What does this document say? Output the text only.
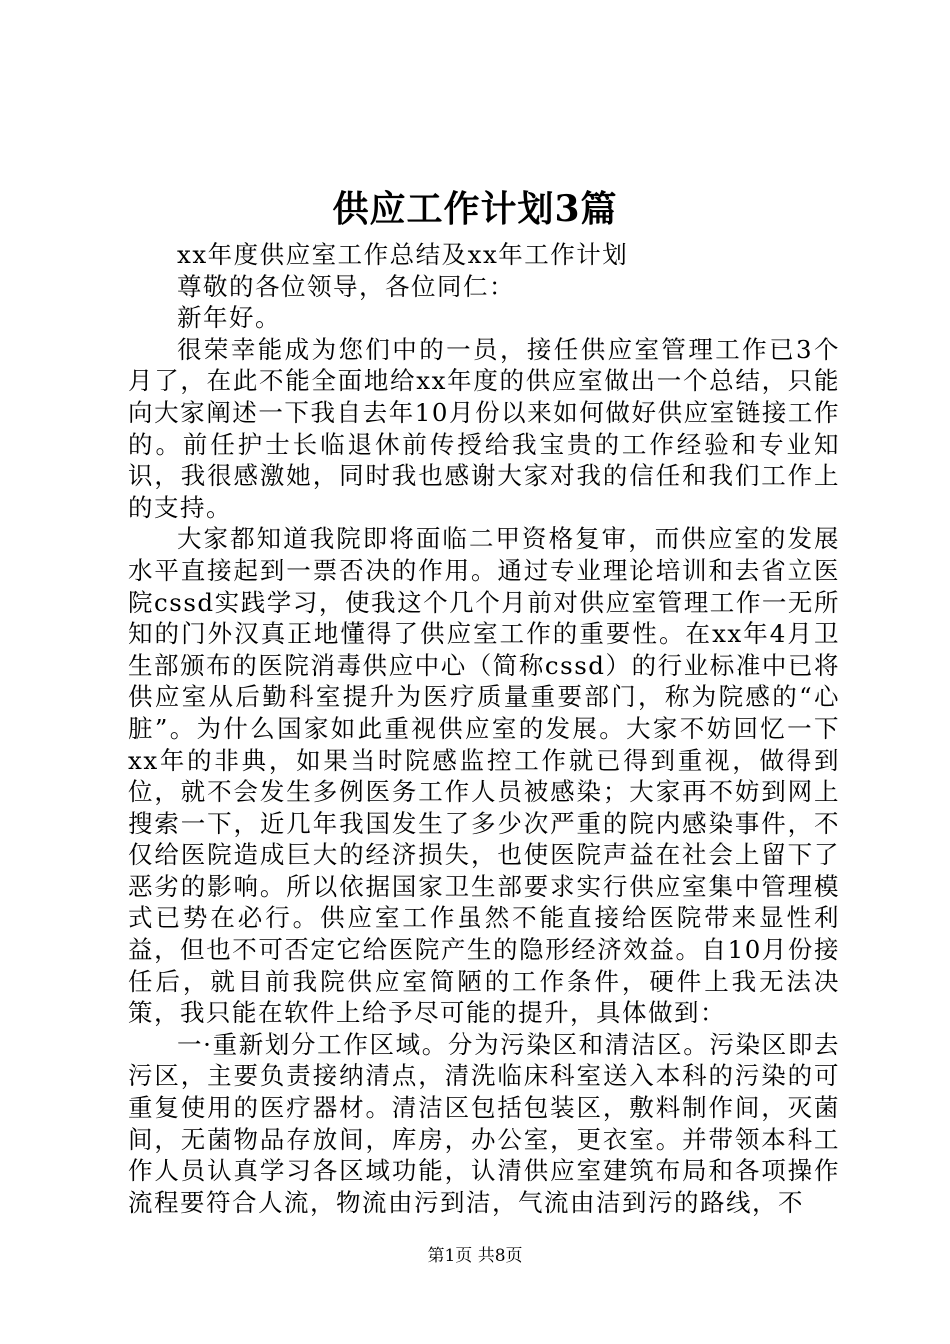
供应工作计划3篇

xx年度供应室工作总结及xx年工作计划

尊敬的各位领导，各位同仁：

新年好。

很荣幸能成为您们中的一员，接任供应室管理工作已3个月了，在此不能全面地给xx年度的供应室做出一个总结，只能向大家阐述一下我自去年10月份以来如何做好供应室链接工作的。前任护士长临退休前传授给我宝贵的工作经验和专业知识，我很感激她，同时我也感谢大家对我的信任和我们工作上的支持。

大家都知道我院即将面临二甲资格复审，而供应室的发展水平直接起到一票否决的作用。通过专业理论培训和去省立医院cssd实践学习，使我这个几个月前对供应室管理工作一无所知的门外汉真正地懂得了供应室工作的重要性。在xx年4月卫生部颁布的医院消毒供应中心（简称cssd）的行业标准中已将供应室从后勤科室提升为医疗质量重要部门，称为院感的“心脏”。为什么国家如此重视供应室的发展。大家不妨回忆一下xx年的非典，如果当时院感监控工作就已得到重视，做得到位，就不会发生多例医务工作人员被感染；大家再不妨到网上搜索一下，近几年我国发生了多少次严重的院内感染事件，不仅给医院造成巨大的经济损失，也使医院声益在社会上留下了恶劣的影响。所以依据国家卫生部要求实行供应室集中管理模式已势在必行。供应室工作虽然不能直接给医院带来显性利益，但也不可否定它给医院产生的隐形经济效益。自10月份接任后，就目前我院供应室简陋的工作条件，硬件上我无法决策，我只能在软件上给予尽可能的提升，具体做到：

一·重新划分工作区域。分为污染区和清洁区。污染区即去污区，主要负责接纳清点，清洗临床科室送入本科的污染的可重复使用的医疗器材。清洁区包括包装区，敷料制作间，灭菌间，无菌物品存放间，库房，办公室，更衣室。并带领本科工作人员认真学习各区域功能，认清供应室建筑布局和各项操作流程要符合人流，物流由污到洁，气流由洁到污的路线，不

第1页 共8页
